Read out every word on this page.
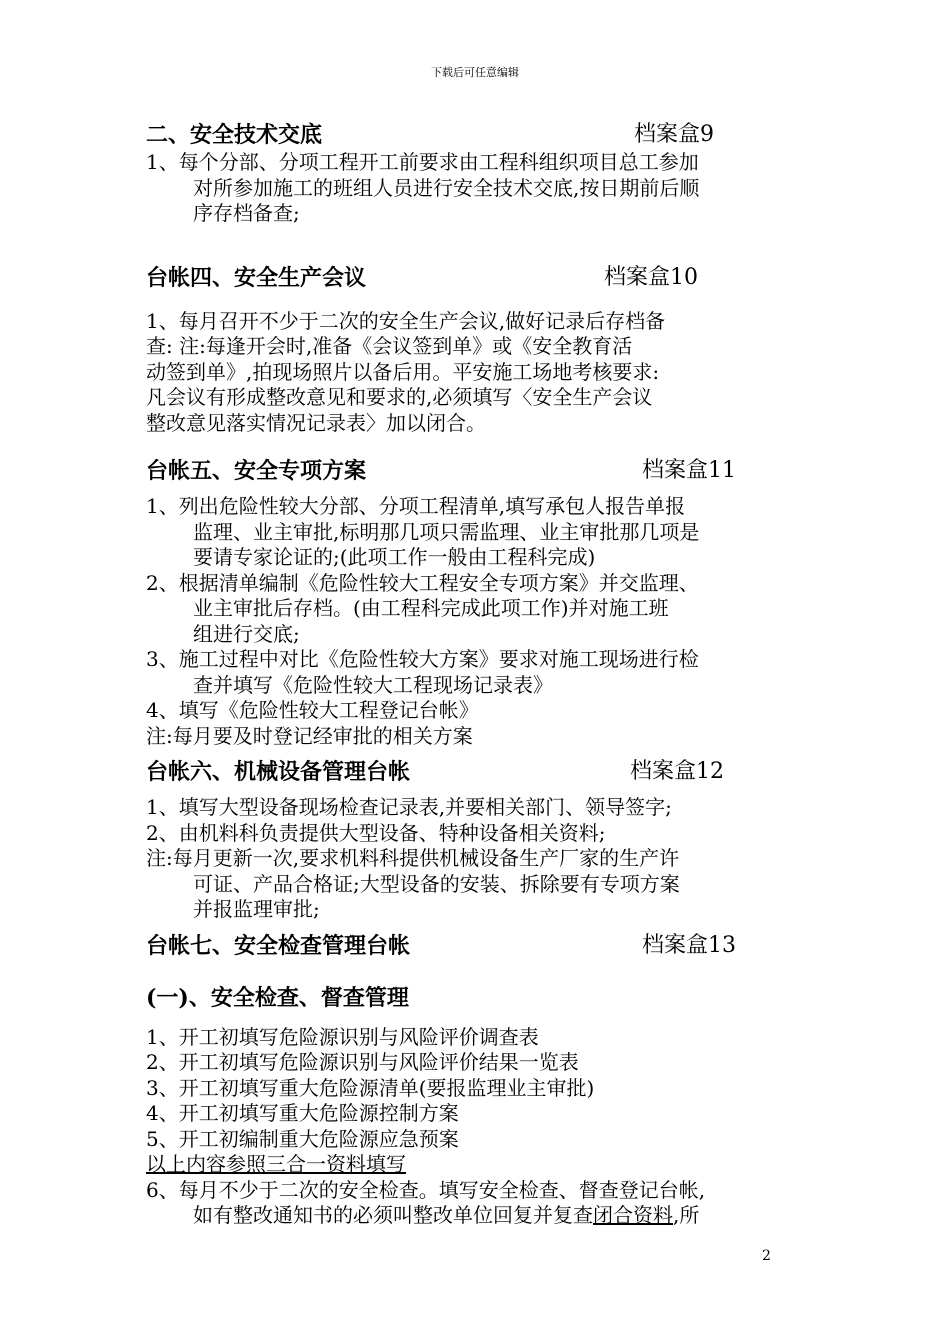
下载后可任意编辑
二、安全技术交底	档案盒9
1、每个分部、分项工程开工前要求由工程科组织项目总工参加
对所参加施工的班组人员进行安全技术交底,按日期前后顺
序存档备查;
台帐四、安全生产会议	档案盒10
1、每月召开不少于二次的安全生产会议,做好记录后存档备
查: 注:每逢开会时,准备《会议签到单》或《安全教育活
动签到单》,拍现场照片以备后用。平安施工场地考核要求:
凡会议有形成整改意见和要求的,必须填写〈安全生产会议
整改意见落实情况记录表〉加以闭合。
台帐五、安全专项方案	档案盒11
1、列出危险性较大分部、分项工程清单,填写承包人报告单报
监理、业主审批,标明那几项只需监理、业主审批那几项是
要请专家论证的;(此项工作一般由工程科完成)
2、根据清单编制《危险性较大工程安全专项方案》并交监理、
业主审批后存档。(由工程科完成此项工作)并对施工班
组进行交底;
3、施工过程中对比《危险性较大方案》要求对施工现场进行检
查并填写《危险性较大工程现场记录表》
4、填写《危险性较大工程登记台帐》
注:每月要及时登记经审批的相关方案
台帐六、机械设备管理台帐	档案盒12
1、填写大型设备现场检查记录表,并要相关部门、领导签字;
2、由机料科负责提供大型设备、特种设备相关资料;
注:每月更新一次,要求机料科提供机械设备生产厂家的生产许
可证、产品合格证;大型设备的安装、拆除要有专项方案
并报监理审批;
台帐七、安全检查管理台帐	档案盒13
(一)、安全检查、督查管理
1、开工初填写危险源识别与风险评价调查表
2、开工初填写危险源识别与风险评价结果一览表
3、开工初填写重大危险源清单(要报监理业主审批)
4、开工初填写重大危险源控制方案
5、开工初编制重大危险源应急预案
以上内容参照三合一资料填写
6、每月不少于二次的安全检查。填写安全检查、督查登记台帐,
如有整改通知书的必须叫整改单位回复并复查闭合资料,所
2
